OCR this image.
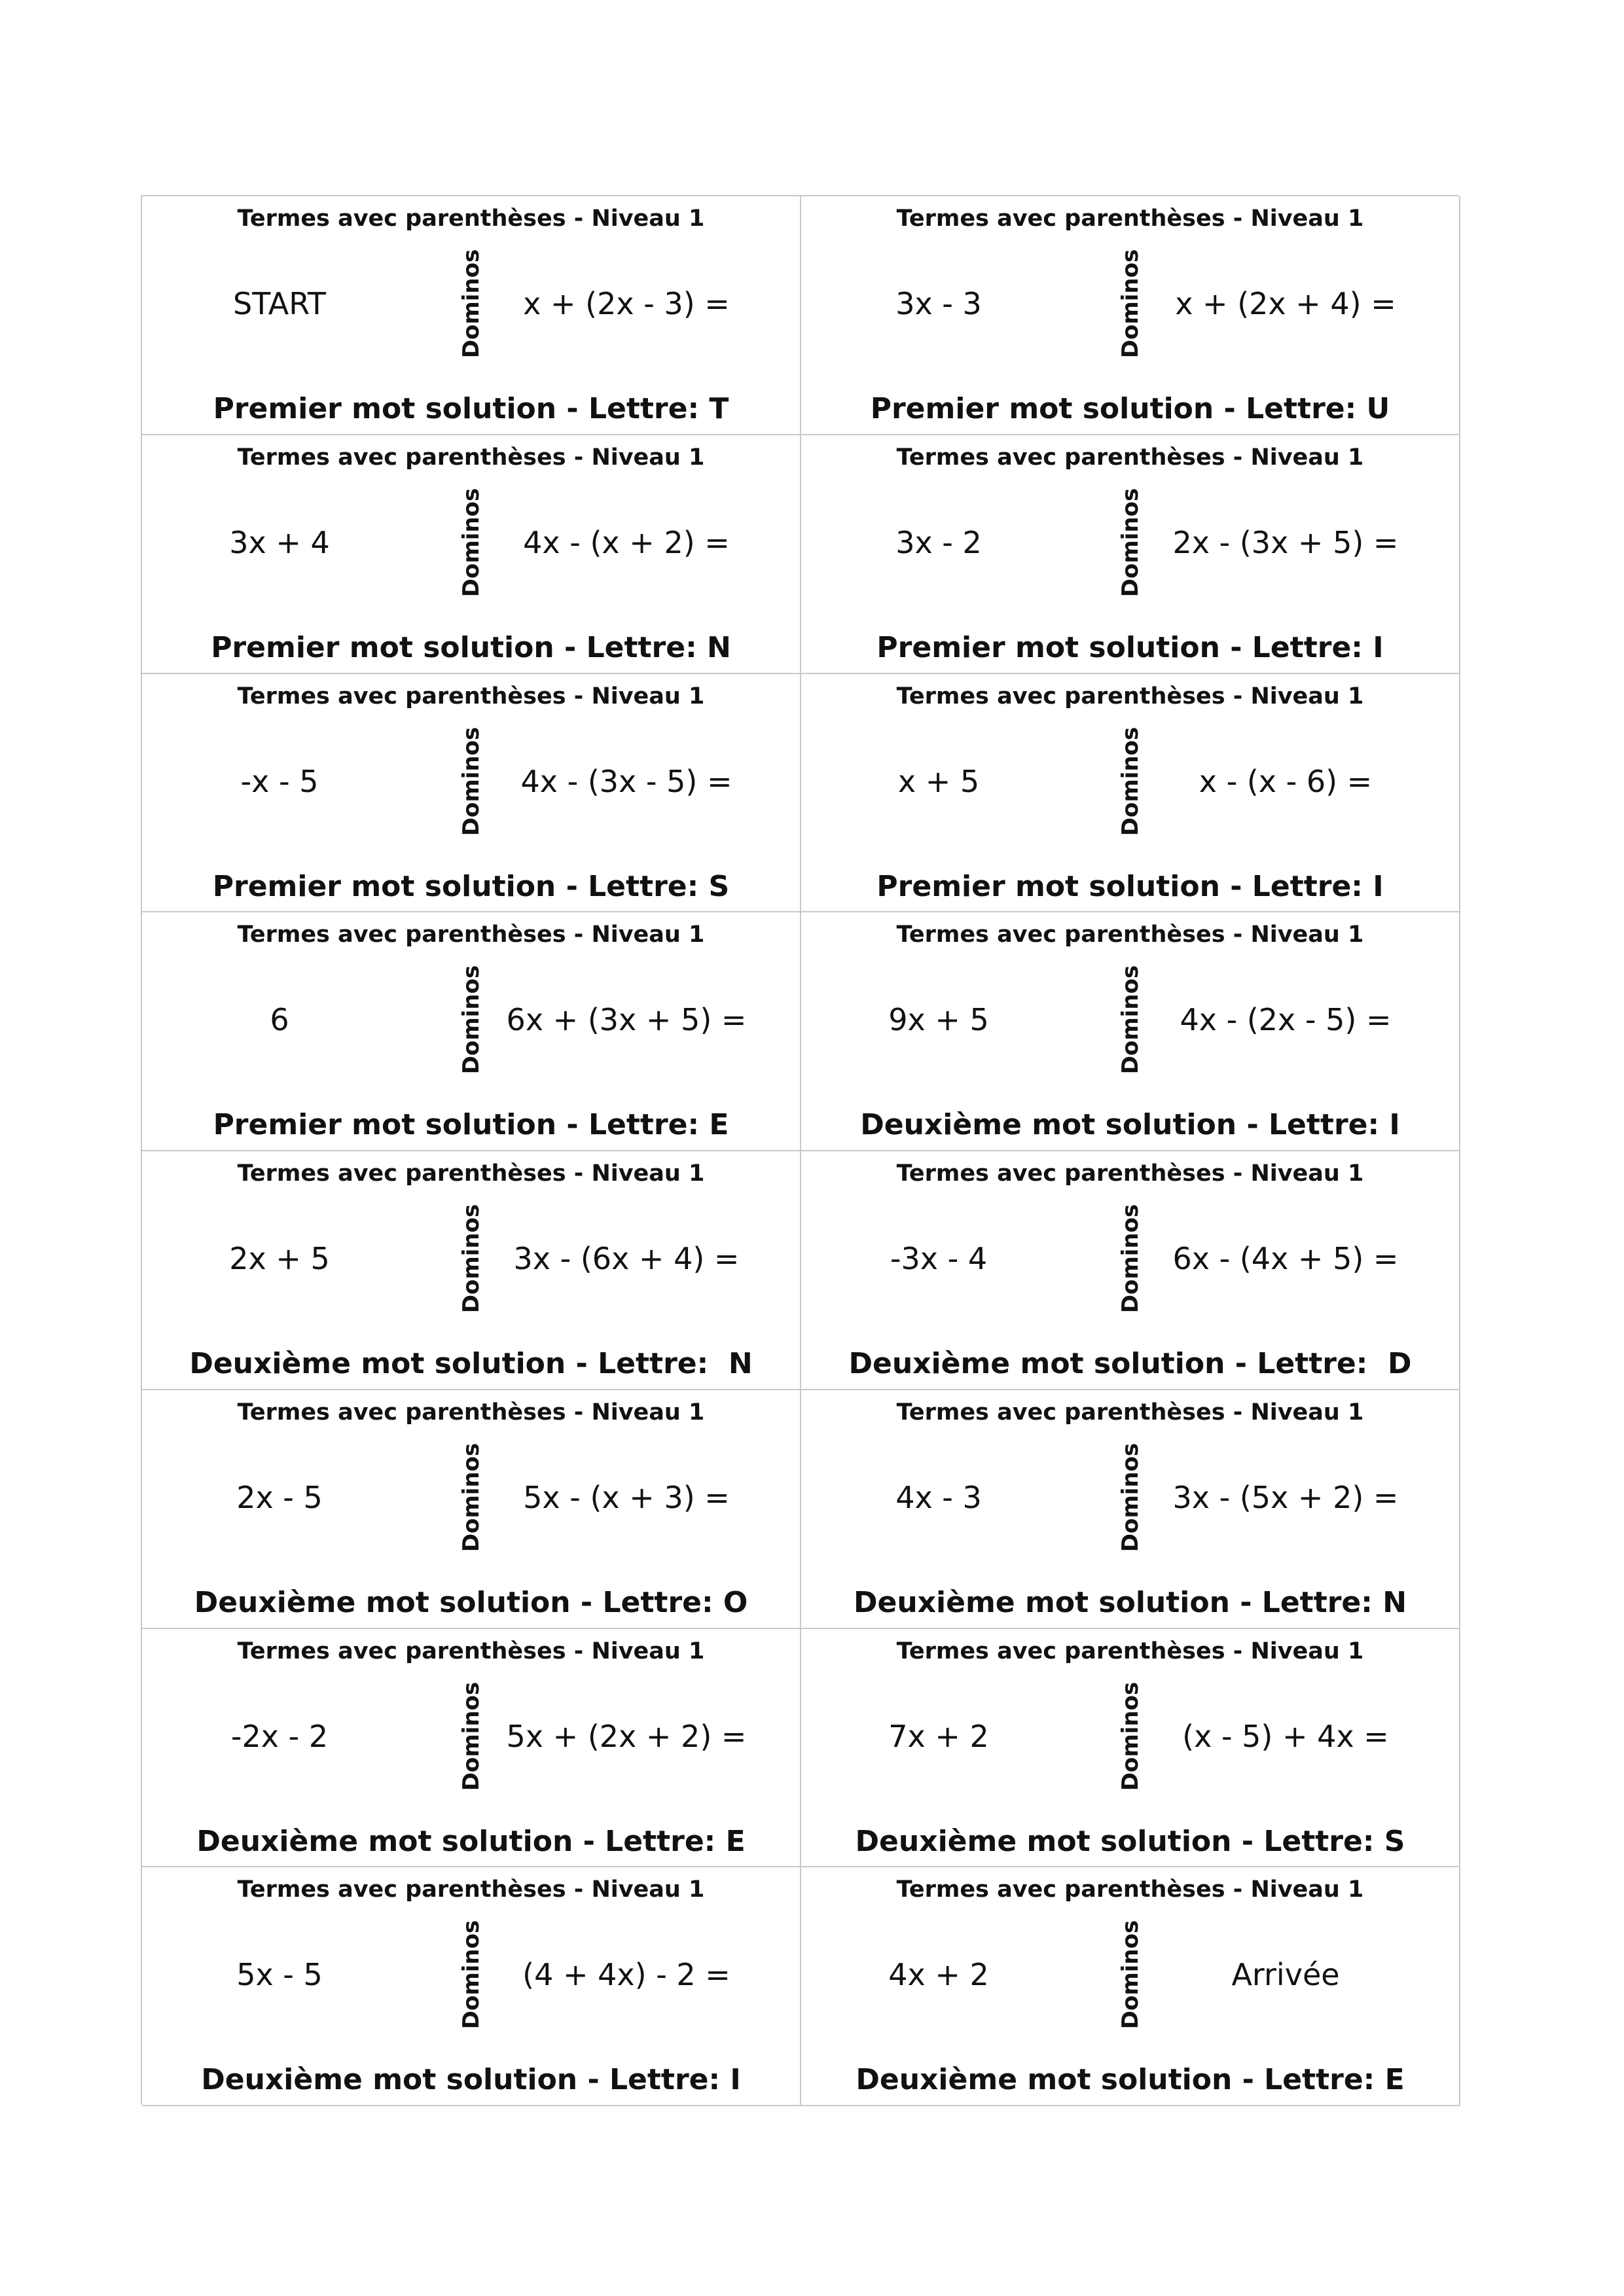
Termes avec parenthèses - Niveau 1
START	Dominos	x + (2x - 3) =
Premier mot solution - Lettre: T
Termes avec parenthèses - Niveau 1
3x - 3	Dominos	x + (2x + 4) =
Premier mot solution - Lettre: U
Termes avec parenthèses - Niveau 1
3x + 4	Dominos	4x - (x + 2) =
Premier mot solution - Lettre: N
Termes avec parenthèses - Niveau 1
3x - 2	Dominos 2x - (3x + 5) =
Premier mot solution - Lettre: I
Termes avec parenthèses - Niveau 1
-x - 5	Dominos	4x - (3x - 5) =
Premier mot solution - Lettre: S
Termes avec parenthèses - Niveau 1
x + 5	Dominos	x - (x - 6) =
Premier mot solution - Lettre: I
Termes avec parenthèses - Niveau 1
6	Dominos 6x + (3x + 5) =
Premier mot solution - Lettre: E
Termes avec parenthèses - Niveau 1
9x + 5	Dominos	4x - (2x - 5) =
Deuxième mot solution - Lettre: I
Termes avec parenthèses - Niveau 1
2x + 5	Dominos 3x - (6x + 4) =
Deuxième mot solution - Lettre:  N
Termes avec parenthèses - Niveau 1
-3x - 4	Dominos 6x - (4x + 5) =
Deuxième mot solution - Lettre:  D
Termes avec parenthèses - Niveau 1
2x - 5	Dominos	5x - (x + 3) =
Deuxième mot solution - Lettre: O
Termes avec parenthèses - Niveau 1
4x - 3	Dominos 3x - (5x + 2) =
Deuxième mot solution - Lettre: N
Termes avec parenthèses - Niveau 1
-2x - 2	Dominos 5x + (2x + 2) =
Deuxième mot solution - Lettre: E
Termes avec parenthèses - Niveau 1
7x + 2	Dominos	(x - 5) + 4x =
Deuxième mot solution - Lettre: S
Termes avec parenthèses - Niveau 1
5x - 5	Dominos	(4 + 4x) - 2 =
Deuxième mot solution - Lettre: I
Termes avec parenthèses - Niveau 1
4x + 2	Dominos	Arrivée
Deuxième mot solution - Lettre: E
